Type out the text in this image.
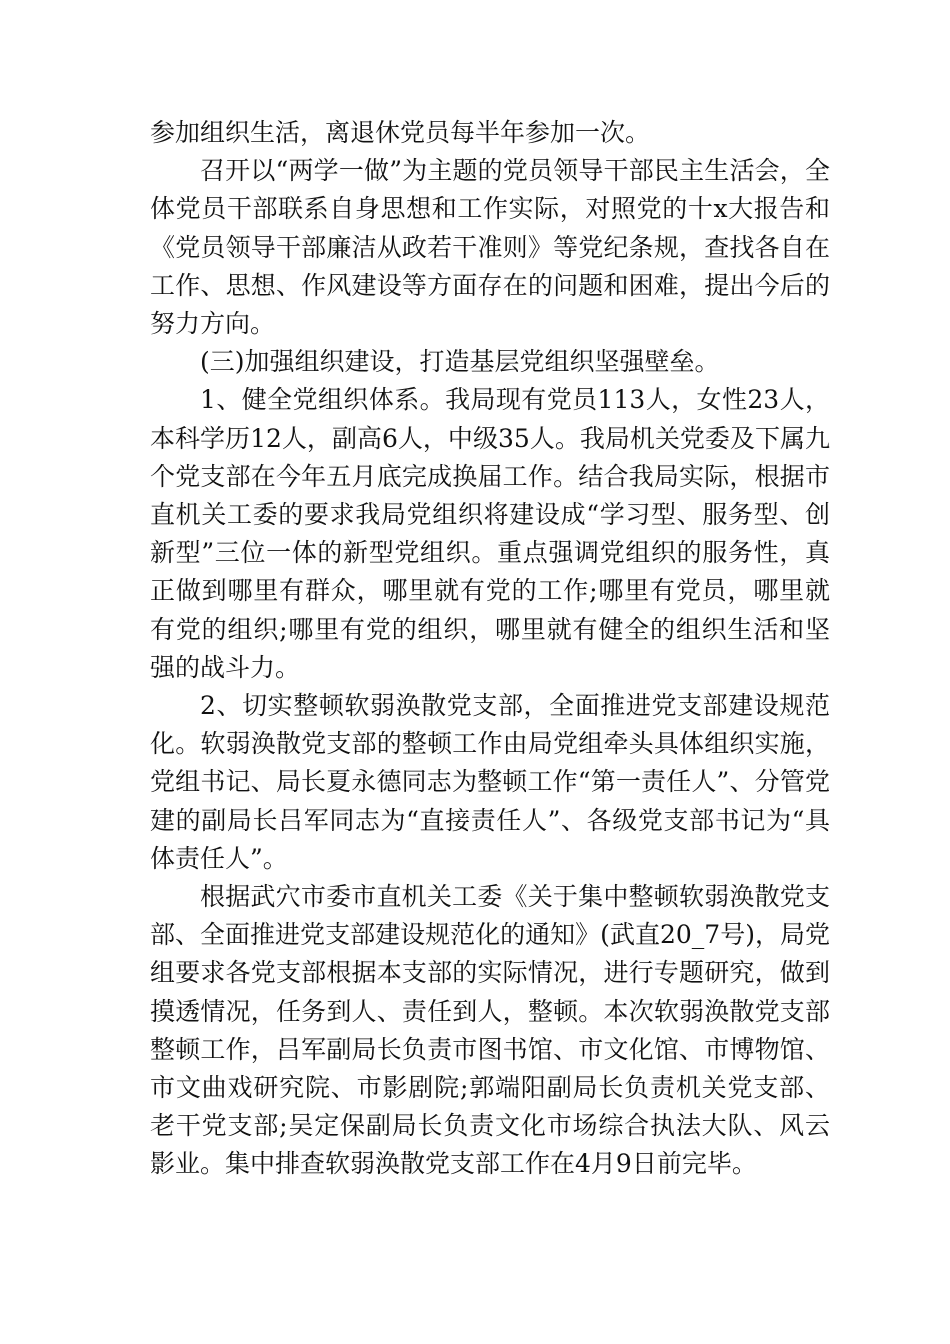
参加组织生活，离退休党员每半年参加一次。

召开以“两学一做”为主题的党员领导干部民主生活会，全体党员干部联系自身思想和工作实际，对照党的十x大报告和《党员领导干部廉洁从政若干准则》等党纪条规，查找各自在工作、思想、作风建设等方面存在的问题和困难，提出今后的努力方向。

(三)加强组织建设，打造基层党组织坚强壁垒。

1、健全党组织体系。我局现有党员113人，女性23人，本科学历12人，副高6人，中级35人。我局机关党委及下属九个党支部在今年五月底完成换届工作。结合我局实际，根据市直机关工委的要求我局党组织将建设成“学习型、服务型、创新型”三位一体的新型党组织。重点强调党组织的服务性，真正做到哪里有群众，哪里就有党的工作;哪里有党员，哪里就有党的组织;哪里有党的组织，哪里就有健全的组织生活和坚强的战斗力。

2、切实整顿软弱涣散党支部，全面推进党支部建设规范化。软弱涣散党支部的整顿工作由局党组牵头具体组织实施，党组书记、局长夏永德同志为整顿工作“第一责任人”、分管党建的副局长吕军同志为“直接责任人”、各级党支部书记为“具体责任人”。

根据武穴市委市直机关工委《关于集中整顿软弱涣散党支部、全面推进党支部建设规范化的通知》(武直20_7号)，局党组要求各党支部根据本支部的实际情况，进行专题研究，做到摸透情况，任务到人、责任到人，整顿。本次软弱涣散党支部整顿工作，吕军副局长负责市图书馆、市文化馆、市博物馆、市文曲戏研究院、市影剧院;郭端阳副局长负责机关党支部、老干党支部;吴定保副局长负责文化市场综合执法大队、风云影业。集中排查软弱涣散党支部工作在4月9日前完毕。
